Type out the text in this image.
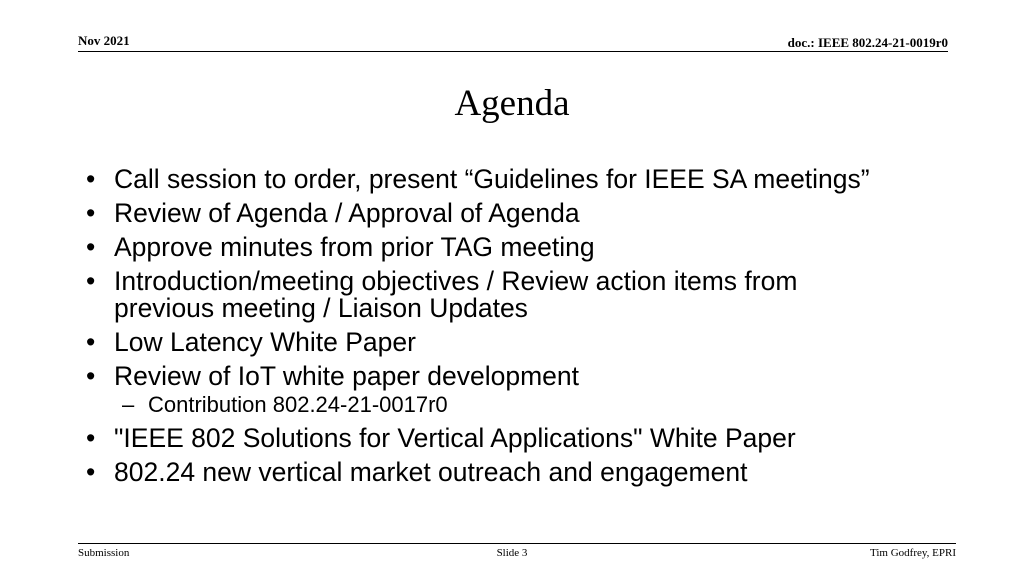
Nov 2021	doc.: IEEE 802.24-21-0019r0
Agenda
• Call session to order, present “Guidelines for IEEE SA meetings”
• Review of Agenda / Approval of Agenda
• Approve minutes from prior TAG meeting
• Introduction/meeting objectives / Review action items from
previous meeting / Liaison Updates
• Low Latency White Paper
• Review of IoT white paper development
– Contribution 802.24-21-0017r0
• "IEEE 802 Solutions for Vertical Applications" White Paper
• 802.24 new vertical market outreach and engagement
Submission	Slide 3	Tim Godfrey, EPRI
